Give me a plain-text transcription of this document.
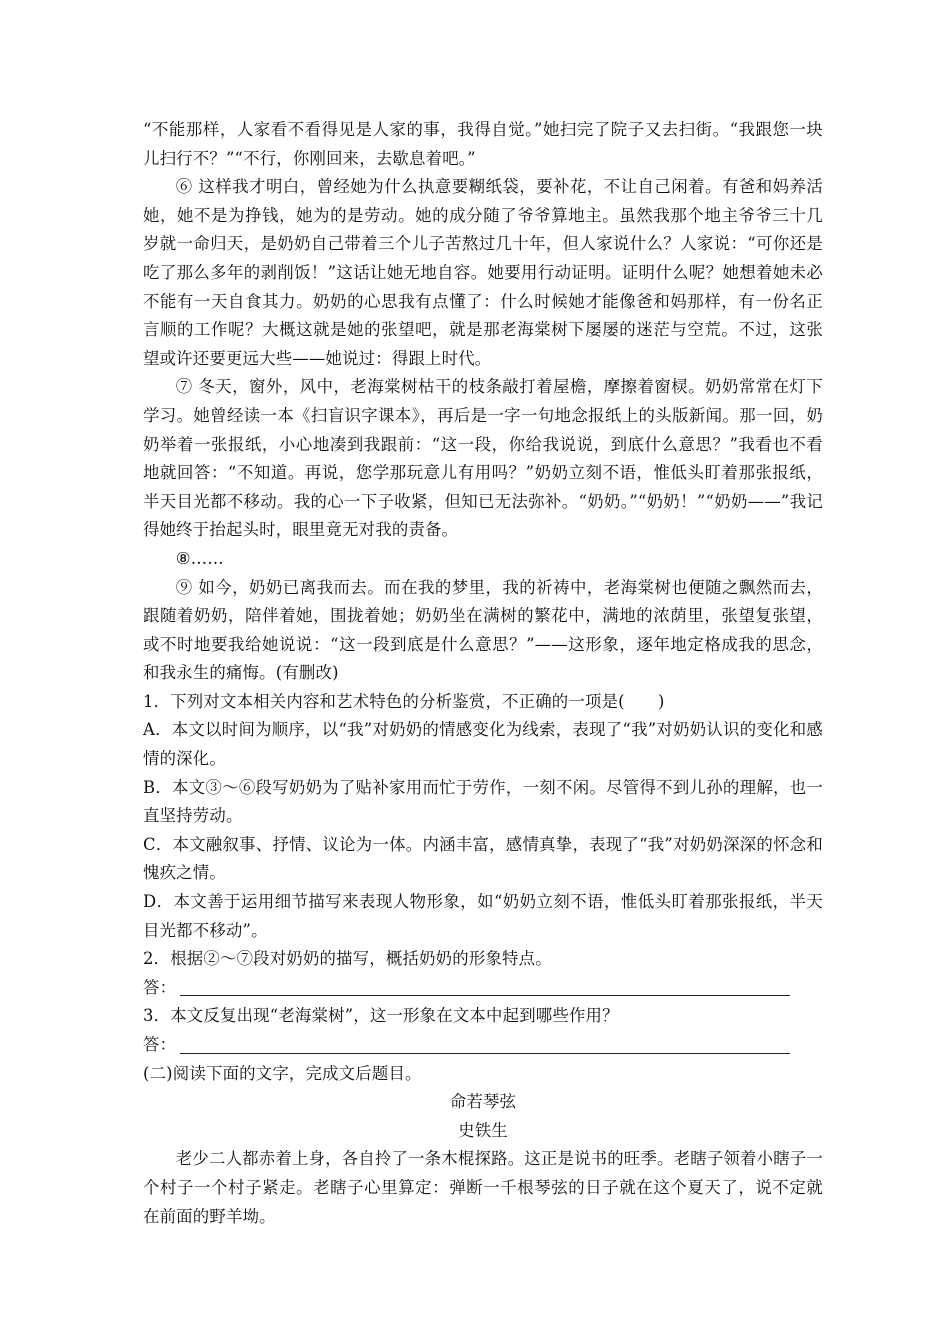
“不能那样，人家看不看得见是人家的事，我得自觉。”她扫完了院子又去扫街。“我跟您一块儿扫行不？”“不行，你刚回来，去歇息着吧。”

⑥ 这样我才明白，曾经她为什么执意要糊纸袋，要补花，不让自己闲着。有爸和妈养活她，她不是为挣钱，她为的是劳动。她的成分随了爷爷算地主。虽然我那个地主爷爷三十几岁就一命归天，是奶奶自己带着三个儿子苦熬过几十年，但人家说什么？人家说：“可你还是吃了那么多年的剥削饭！”这话让她无地自容。她要用行动证明。证明什么呢？她想着她未必不能有一天自食其力。奶奶的心思我有点懂了：什么时候她才能像爸和妈那样，有一份名正言顺的工作呢？大概这就是她的张望吧，就是那老海棠树下屡屡的迷茫与空荒。不过，这张望或许还要更远大些——她说过：得跟上时代。

⑦ 冬天，窗外，风中，老海棠树枯干的枝条敲打着屋檐，摩擦着窗棂。奶奶常常在灯下学习。她曾经读一本《扫盲识字课本》，再后是一字一句地念报纸上的头版新闻。那一回，奶奶举着一张报纸，小心地凑到我跟前：“这一段，你给我说说，到底什么意思？”我看也不看地就回答：“不知道。再说，您学那玩意儿有用吗？”奶奶立刻不语，惟低头盯着那张报纸，半天目光都不移动。我的心一下子收紧，但知已无法弥补。“奶奶。”“奶奶！”“奶奶——”我记得她终于抬起头时，眼里竟无对我的责备。

⑧……

⑨ 如今，奶奶已离我而去。而在我的梦里，我的祈祷中，老海棠树也便随之飘然而去，跟随着奶奶，陪伴着她，围拢着她；奶奶坐在满树的繁花中，满地的浓荫里，张望复张望，或不时地要我给她说说：“这一段到底是什么意思？”——这形象，逐年地定格成我的思念，和我永生的痛悔。(有删改)

1．下列对文本相关内容和艺术特色的分析鉴赏，不正确的一项是(　　)

A．本文以时间为顺序，以“我”对奶奶的情感变化为线索，表现了“我”对奶奶认识的变化和感情的深化。

B．本文③～⑥段写奶奶为了贴补家用而忙于劳作，一刻不闲。尽管得不到儿孙的理解，也一直坚持劳动。

C．本文融叙事、抒情、议论为一体。内涵丰富，感情真挚，表现了“我”对奶奶深深的怀念和愧疚之情。

D．本文善于运用细节描写来表现人物形象，如“奶奶立刻不语，惟低头盯着那张报纸，半天目光都不移动”。

2．根据②～⑦段对奶奶的描写，概括奶奶的形象特点。

答：

3．本文反复出现“老海棠树”，这一形象在文本中起到哪些作用？

答：

(二)阅读下面的文字，完成文后题目。

命若琴弦

史铁生

老少二人都赤着上身，各自拎了一条木棍探路。这正是说书的旺季。老瞎子领着小瞎子一个村子一个村子紧走。老瞎子心里算定：弹断一千根琴弦的日子就在这个夏天了，说不定就在前面的野羊坳。
